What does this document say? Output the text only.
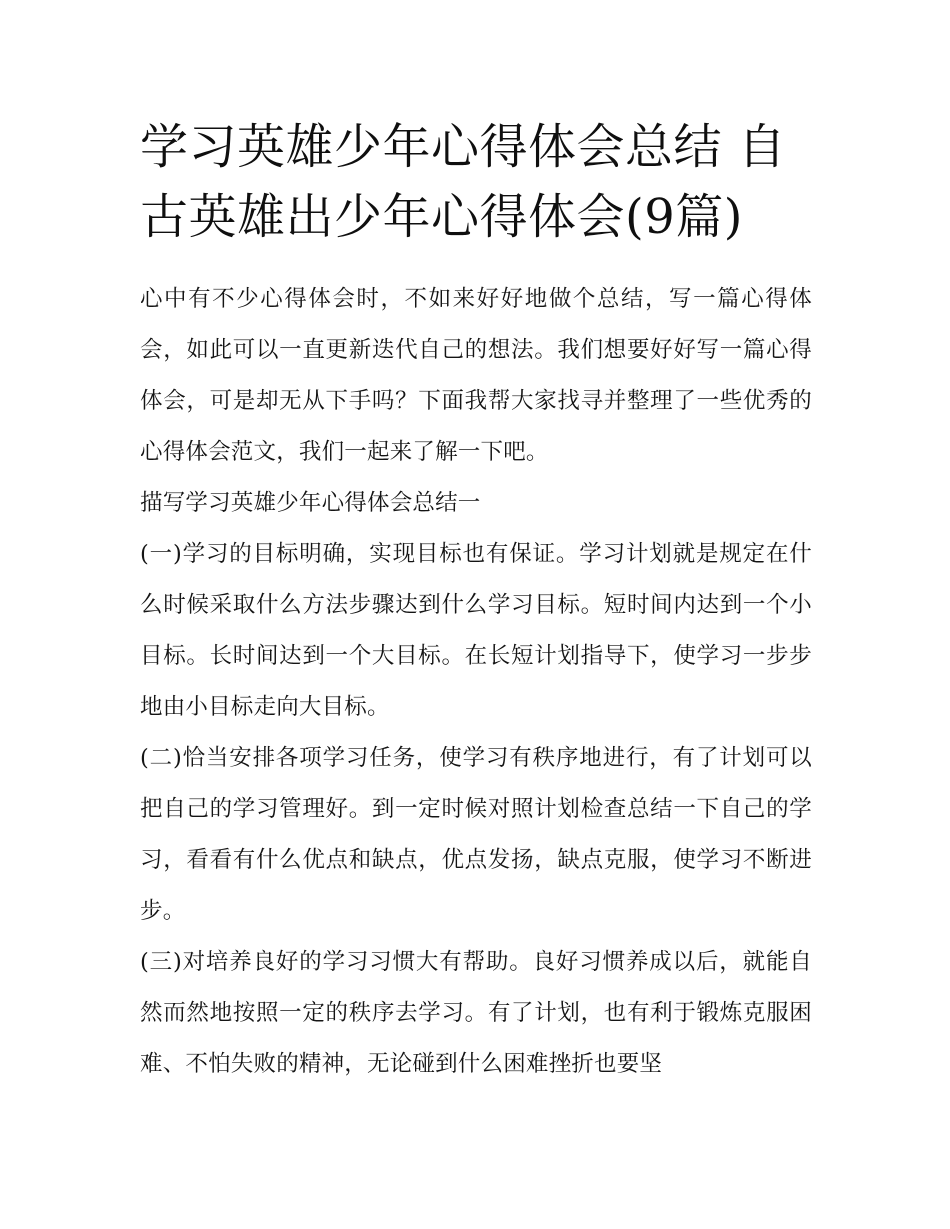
学习英雄少年心得体会总结 自古英雄出少年心得体会(9篇)

心中有不少心得体会时，不如来好好地做个总结，写一篇心得体会，如此可以一直更新迭代自己的想法。我们想要好好写一篇心得体会，可是却无从下手吗？下面我帮大家找寻并整理了一些优秀的心得体会范文，我们一起来了解一下吧。

描写学习英雄少年心得体会总结一

(一)学习的目标明确，实现目标也有保证。学习计划就是规定在什么时候采取什么方法步骤达到什么学习目标。短时间内达到一个小目标。长时间达到一个大目标。在长短计划指导下，使学习一步步地由小目标走向大目标。

(二)恰当安排各项学习任务，使学习有秩序地进行，有了计划可以把自己的学习管理好。到一定时候对照计划检查总结一下自己的学习，看看有什么优点和缺点，优点发扬，缺点克服，使学习不断进步。

(三)对培养良好的学习习惯大有帮助。良好习惯养成以后，就能自然而然地按照一定的秩序去学习。有了计划，也有利于锻炼克服困难、不怕失败的精神，无论碰到什么困难挫折也要坚
